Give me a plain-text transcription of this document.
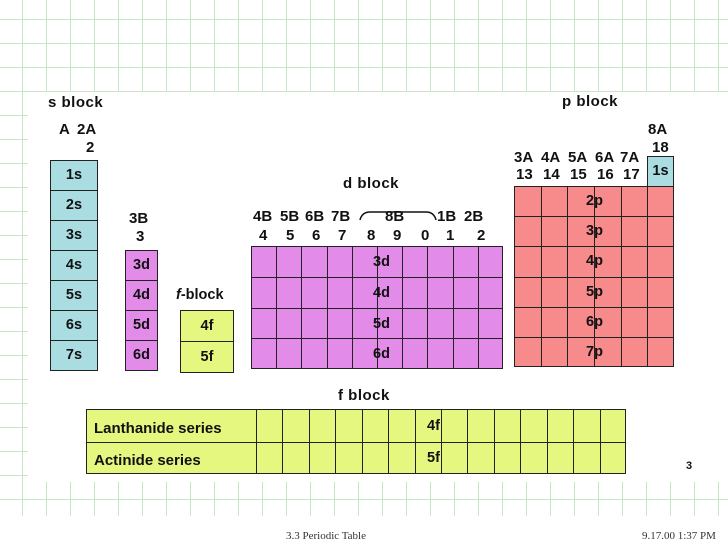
s block	p block
d block
f block
A 2A
2
1s
2s
3s
4s
5s
6s
7s
3B
3
3d
4d
5d
6d
f-block
4f
5f
4B 5B 6B 7B 8B 1B 2B
4 5 6 7 8 9 0 1 2
3d
4d
5d
6d
3A 4A 5A 6A 7A
13 14 15 16 17
8A
18
1s
2p
3p
4p
5p
6p
7p
Lanthanide series
Actinide series
4f
5f	3
3.3 Periodic Table	9.17.00 1:37 PM
